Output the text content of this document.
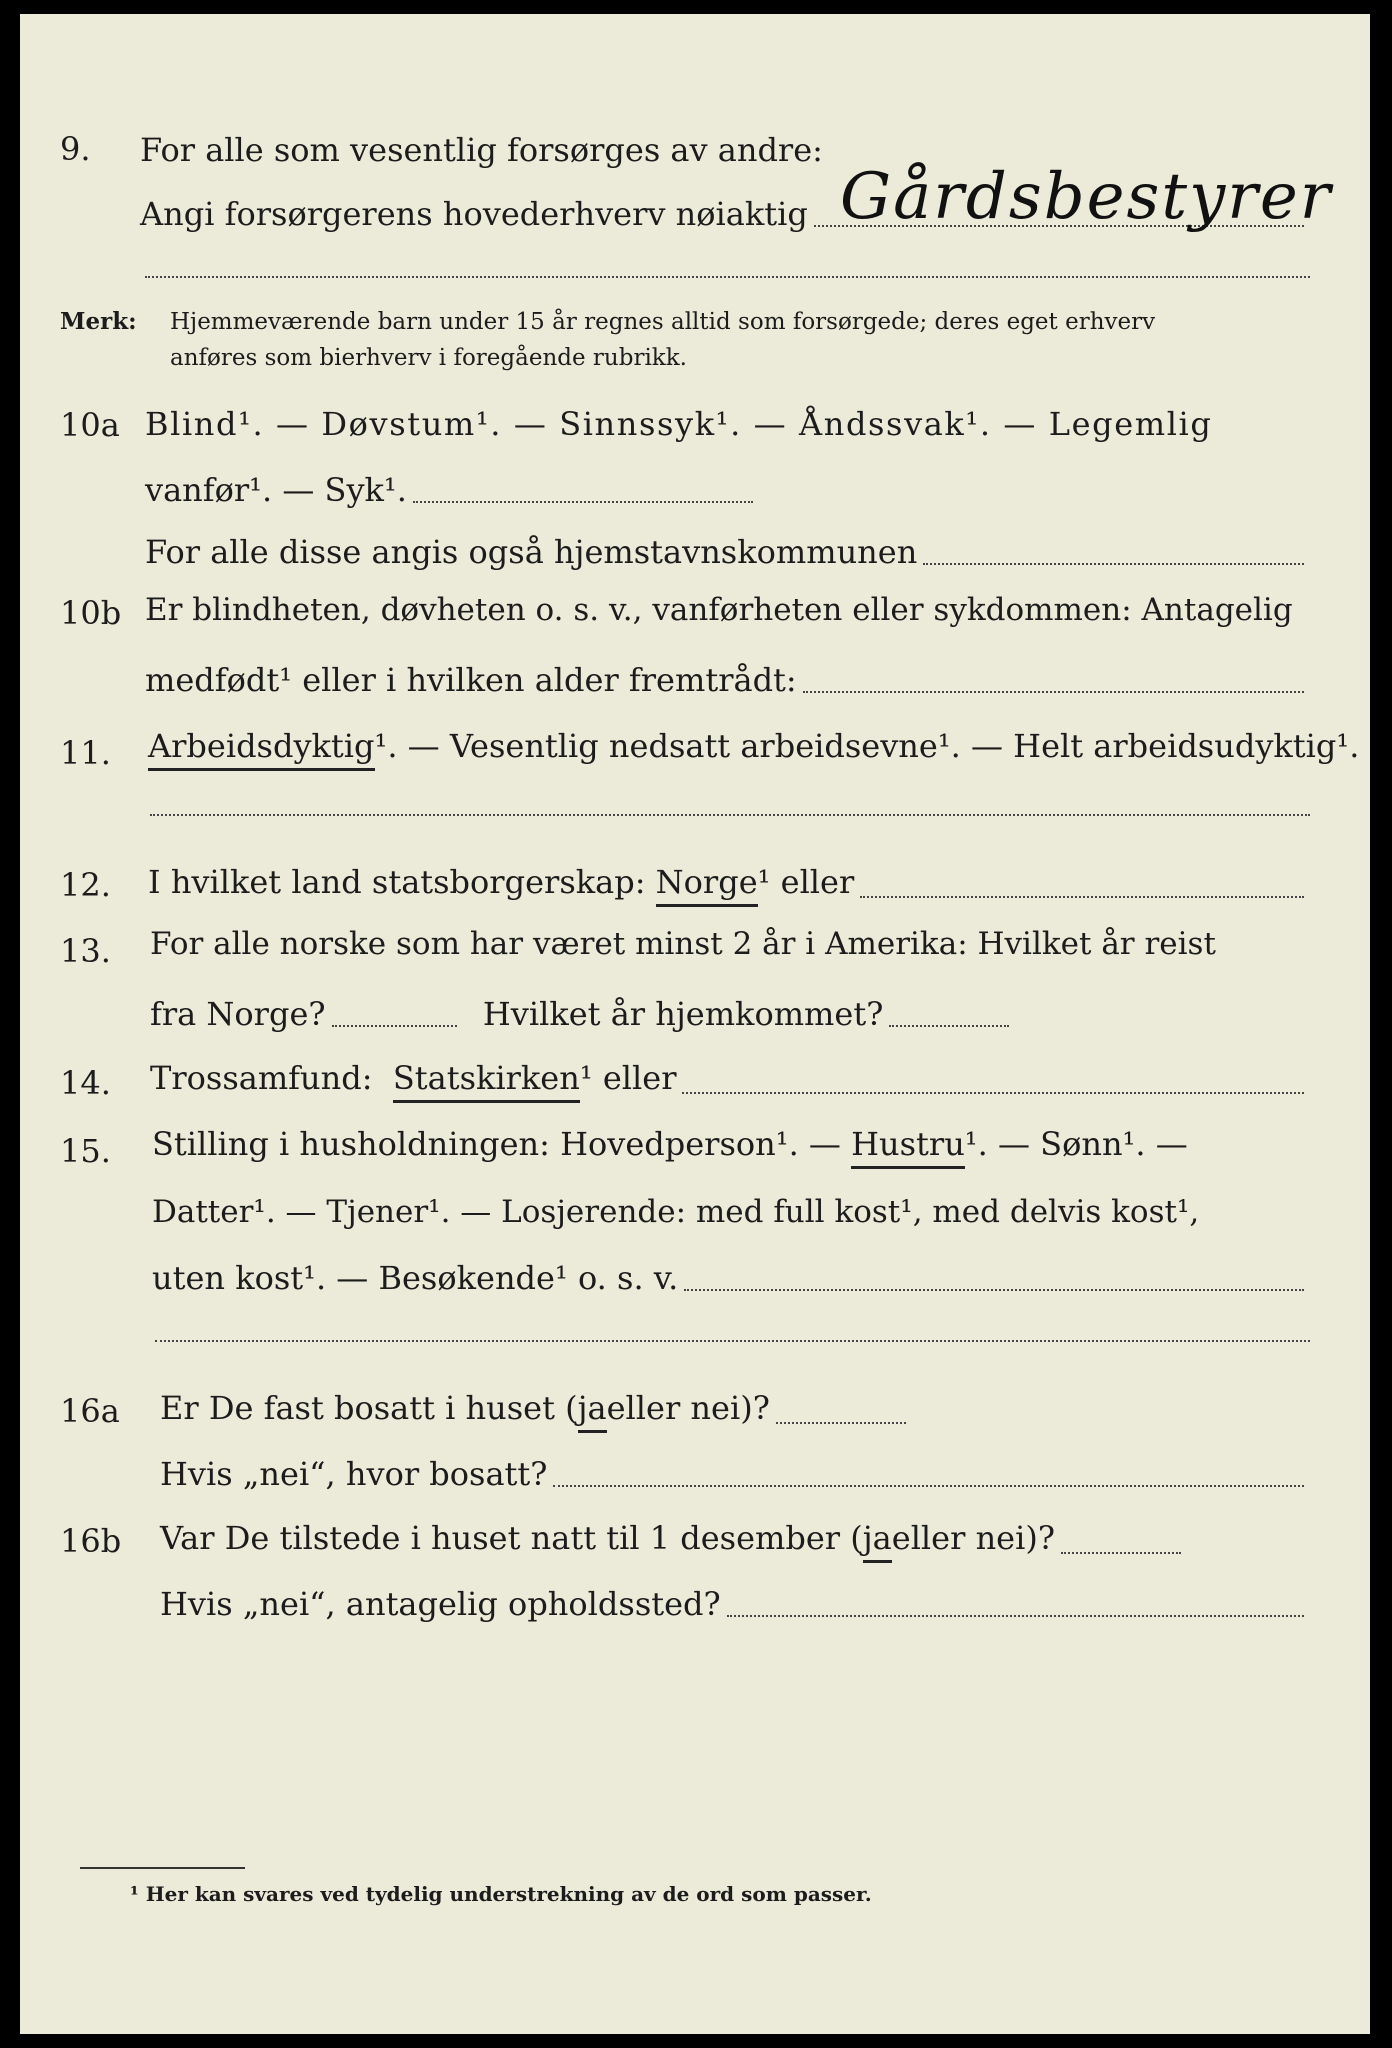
9. For alle som vesentlig forsørges av andre:
Angi forsørgerens hovederhverv nøiaktig Gårdsbestyrer
Merk: Hjemmeværende barn under 15 år regnes alltid som forsørgede; deres eget erhverv
anføres som bierhverv i foregående rubrikk.
10a Blind¹. — Døvstum¹. — Sinnssyk¹. — Åndssvak¹. — Legemlig
vanfør¹. — Syk¹.
For alle disse angis også hjemstavnskommunen
10b Er blindheten, døvheten o. s. v., vanførheten eller sykdommen: Antagelig
medfødt¹ eller i hvilken alder fremtrådt:
11. Arbeidsdyktig ¹. — Vesentlig nedsatt arbeidsevne¹. — Helt arbeidsudyktig¹.
12. I hvilket land statsborgerskap:
Norge ¹ eller
13. For alle norske som har været minst 2 år i Amerika: Hvilket år reist
fra Norge?
	Hvilket år hjemkommet?
14. Trossamfund:
Statskirken ¹ eller
15. Stilling i husholdningen: Hovedperson¹. —
Hustru ¹. — Sønn¹. —
Datter¹. — Tjener¹. — Losjerende: med full kost¹, med delvis kost¹,
uten kost¹. — Besøkende¹ o. s. v.
16a Er De fast bosatt i huset ( ja eller nei)?
Hvis „nei“, hvor bosatt?
16b Var De tilstede i huset natt til 1 desember ( ja eller nei)?
Hvis „nei“, antagelig opholdssted?
¹ Her kan svares ved tydelig understrekning av de ord som passer.
